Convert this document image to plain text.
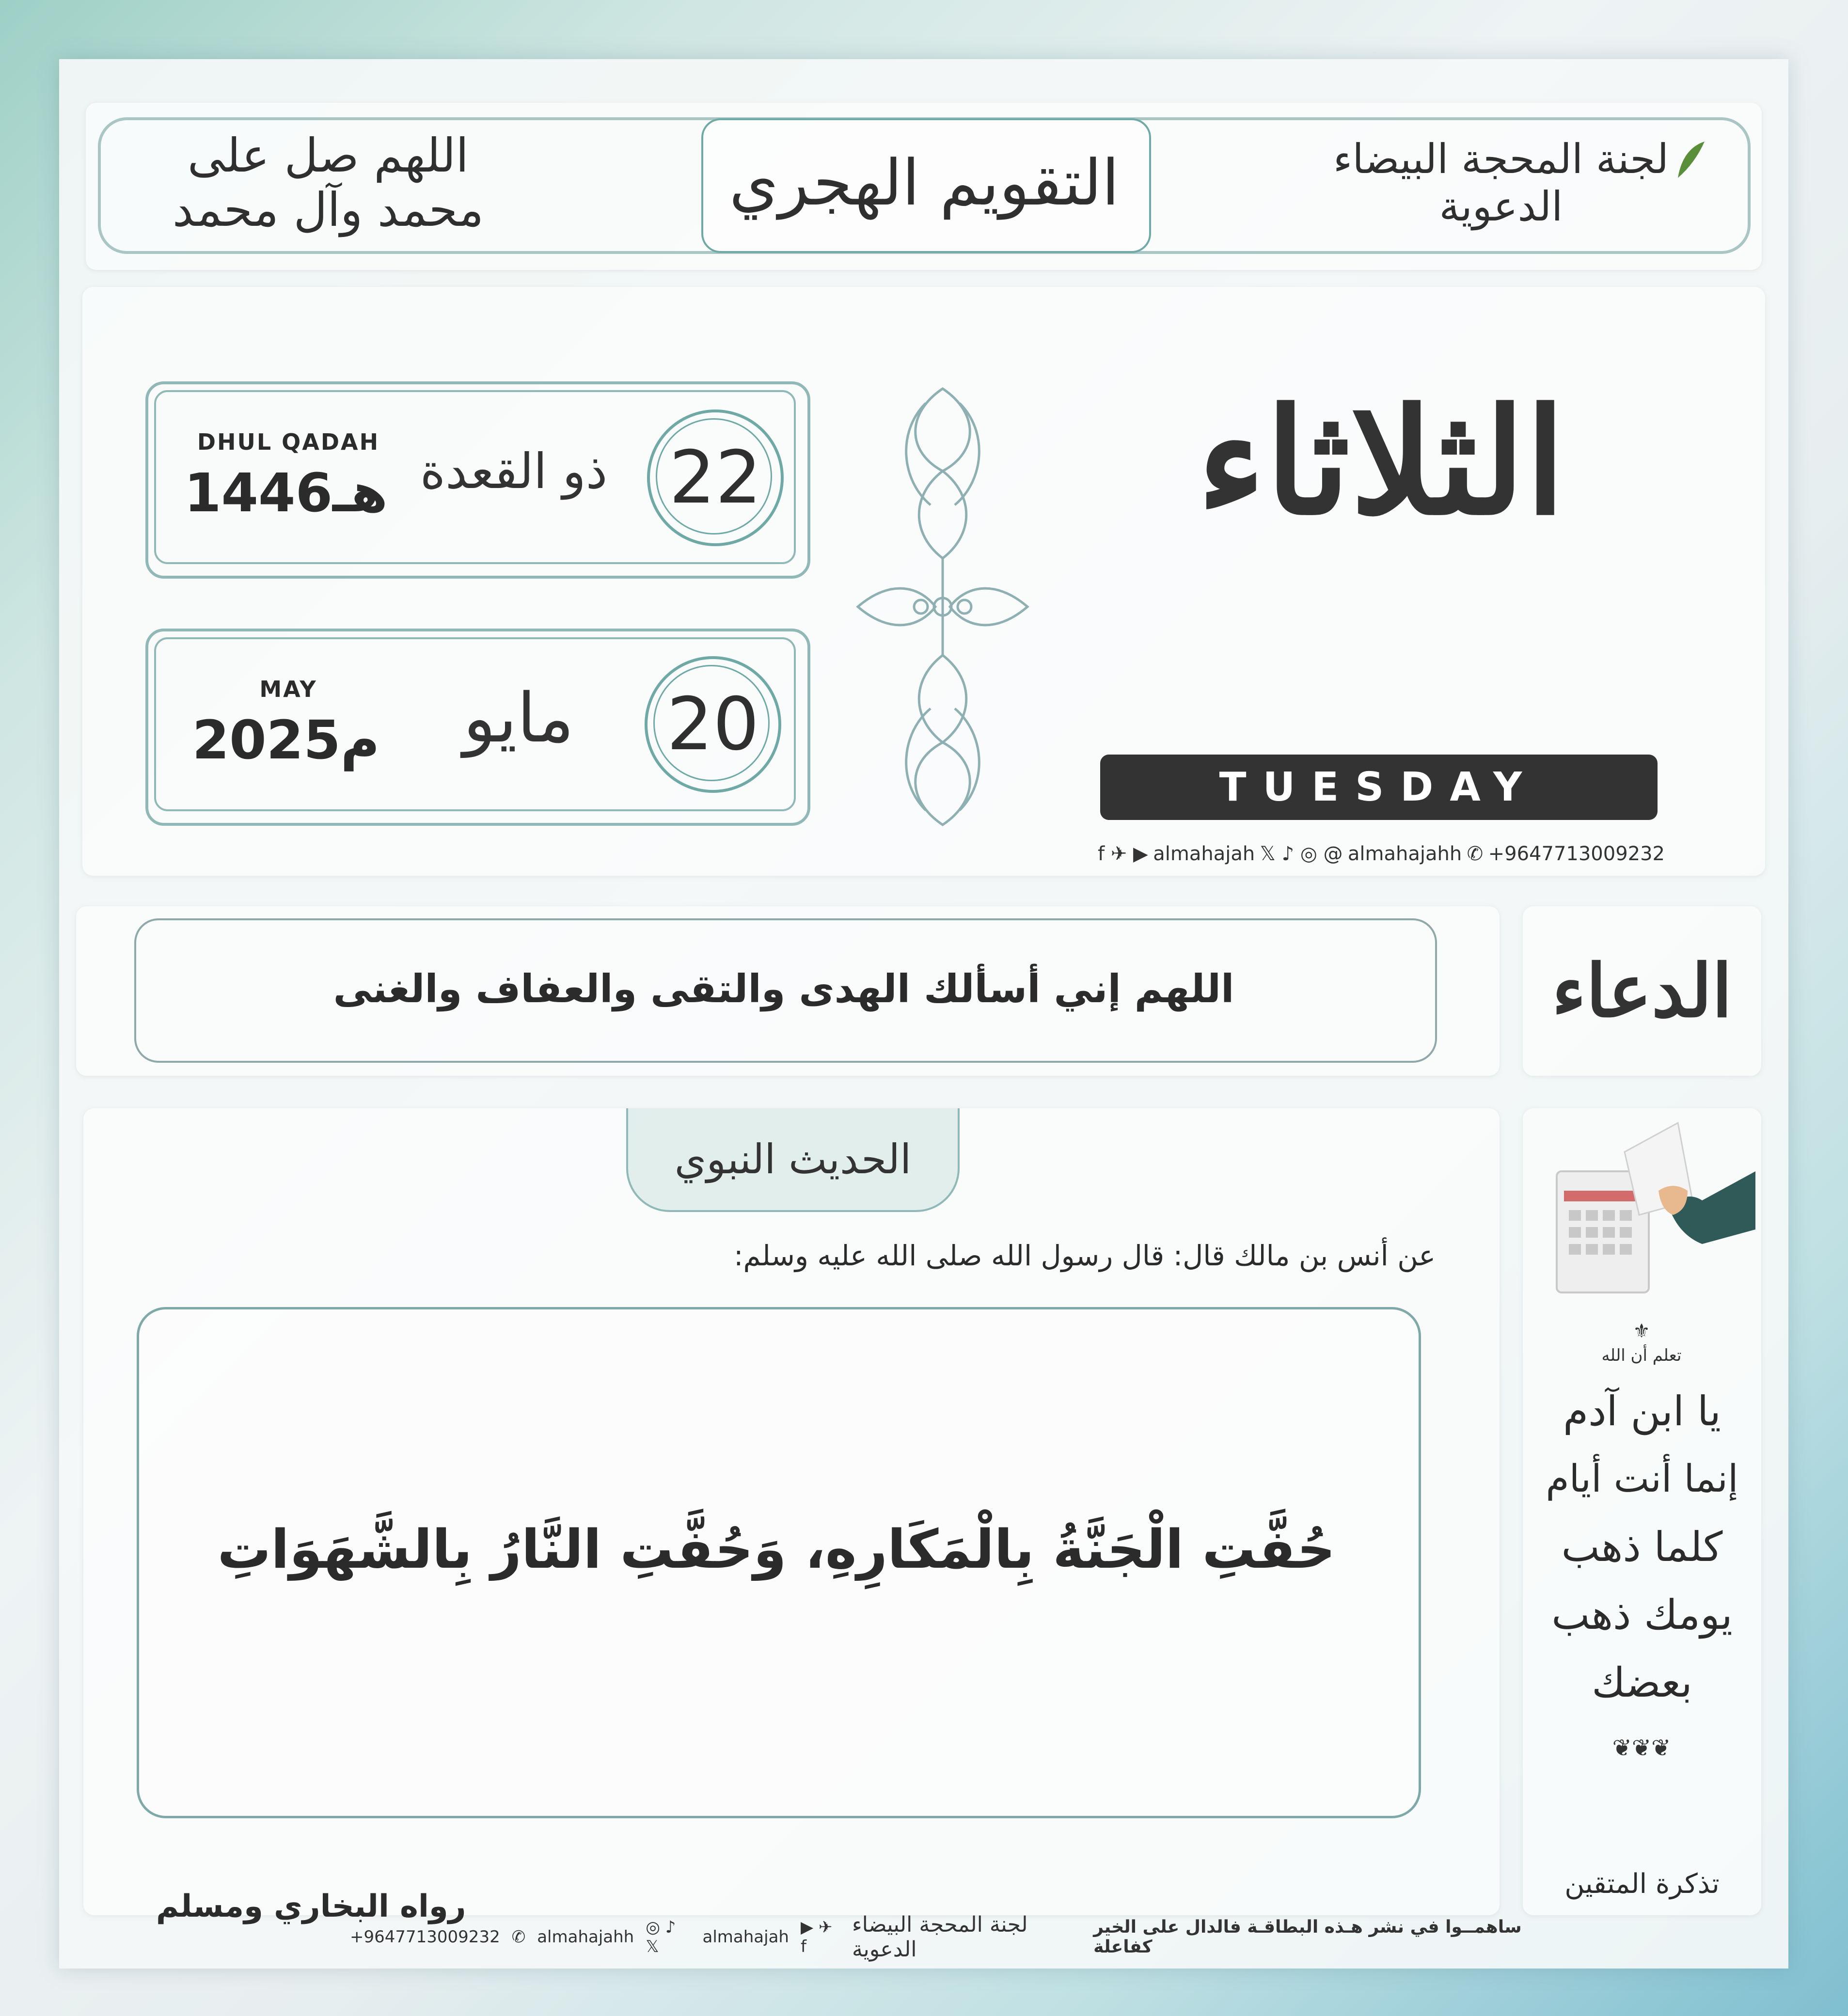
اللهم صل على محمد وآل محمد	التقويم الهجري	لجنة المحجة البيضاء الدعوية
22
ذو القعدة
DHUL QADAH
1446هـ
20
مايو
MAY
2025م
الثلاثاء
TUESDAY
f ✈ ▶ almahajah 𝕏 ♪ ◎ @ almahajahh ✆ +9647713009232
اللهم إني أسألك الهدى والتقى والعفاف والغنى	الدعاء
الحديث النبوي
عن أنس بن مالك قال: قال رسول الله صلى الله عليه وسلم:
حُفَّتِ الْجَنَّةُ بِالْمَكَارِهِ، وَحُفَّتِ النَّارُ بِالشَّهَوَاتِ
رواه البخاري ومسلم
⚜
تعلم أن الله
يا ابن آدم
إنما أنت أيام
كلما ذهب
يومك ذهب
بعضك
❦❦❦
تذكرة المتقين
+9647713009232 ✆ almahajahh ◎ ♪ 𝕏	almahajah ▶ ✈ f
لجنة المحجة البيضاء الدعوية
ساهمــوا في نشر هـذه البطاقـة فالدال على الخير كفاعلة
